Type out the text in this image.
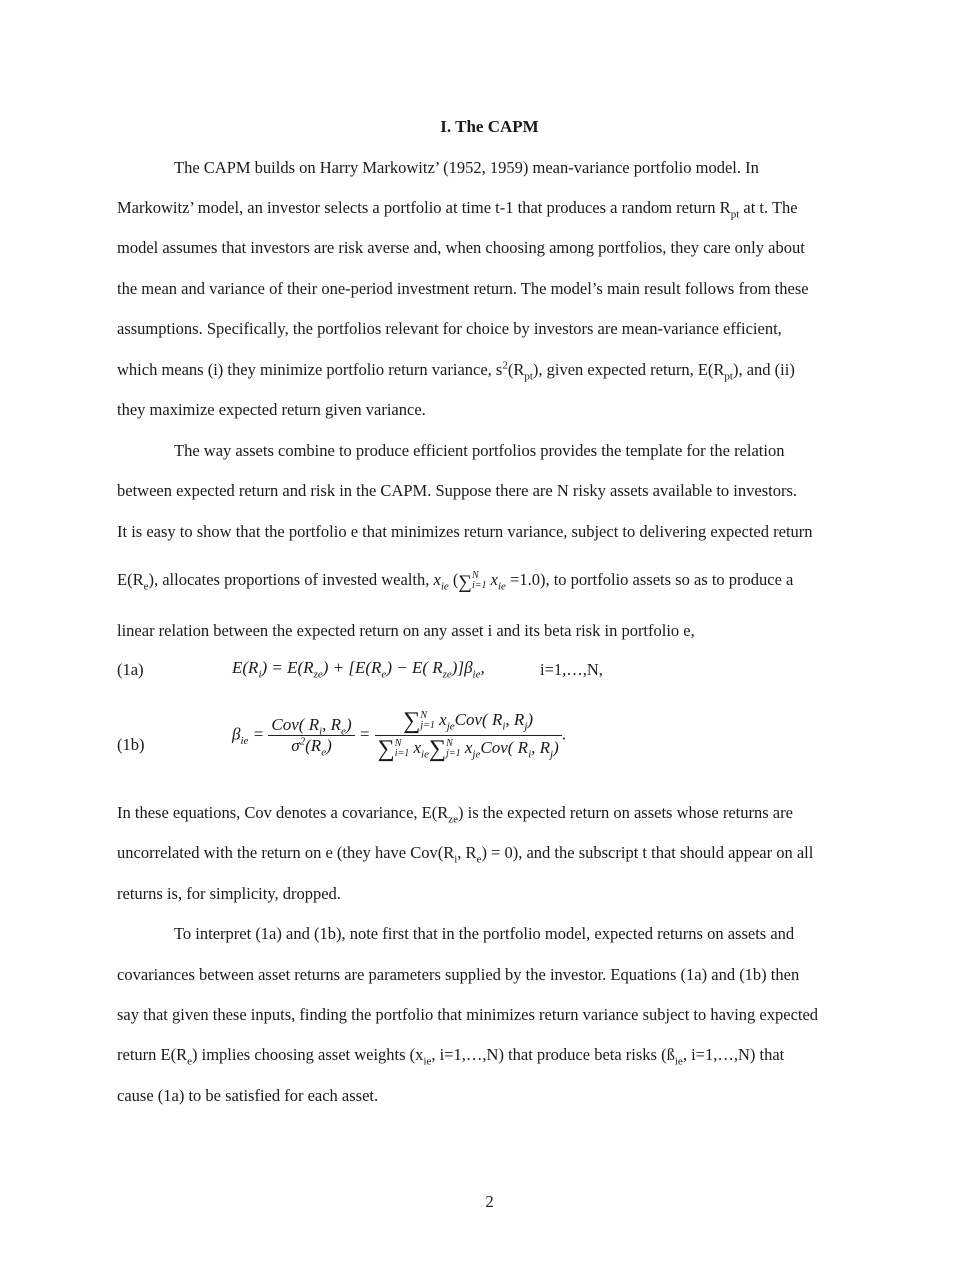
I. The CAPM
The CAPM builds on Harry Markowitz’ (1952, 1959) mean-variance portfolio model. In
Markowitz’ model, an investor selects a portfolio at time t-1 that produces a random return $R_{pt}$ at t. The
model assumes that investors are risk averse and, when choosing among portfolios, they care only about
the mean and variance of their one-period investment return. The model’s main result follows from these
assumptions. Specifically, the portfolios relevant for choice by investors are mean-variance efficient,
which means (i) they minimize portfolio return variance, $s^2(R_{pt})$, given expected return, $E(R_{pt})$, and (ii)
they maximize expected return given variance.
The way assets combine to produce efficient portfolios provides the template for the relation
between expected return and risk in the CAPM. Suppose there are N risky assets available to investors.
It is easy to show that the portfolio e that minimizes return variance, subject to delivering expected return
$E(R_e)$, allocates proportions of invested wealth, $x_{ie}$ (∑ N
i=1 $x_{ie} =1.0$), to portfolio assets so as to produce a
linear relation between the expected return on any asset i and its beta risk in portfolio e,
(1a)	$E(R_i) = E(R_{ze}) + [E(R_e) - E$( $R_{ze})]\beta_{ie}$,	i=1,…,N,
(1b)
$\beta_{ie} = \frac{Cov( R_i, R_e)}{\sigma^2(R_e)}$ = ∑ N
j=1 $x_{je}Cov$( $R_i$, $R_j$)
∑ N
i=1 $x_{ie}\sum$ N
j=1 $x_{je}Cov$( $R_i$, $R_j$) .
In these equations, Cov denotes a covariance, $E(R_{ze})$ is the expected return on assets whose returns are
uncorrelated with the return on e (they have $Cov(R_i$, $R_e) = 0$), and the subscript t that should appear on all
returns is, for simplicity, dropped.
To interpret (1a) and (1b), note first that in the portfolio model, expected returns on assets and
covariances between asset returns are parameters supplied by the investor. Equations (1a) and (1b) then
say that given these inputs, finding the portfolio that minimizes return variance subject to having expected
return $E(R_e)$ implies choosing asset weights ($x_{ie}$, i=1,…,N) that produce beta risks ($ß_{ie}$, i=1,…,N) that
cause (1a) to be satisfied for each asset.
2
